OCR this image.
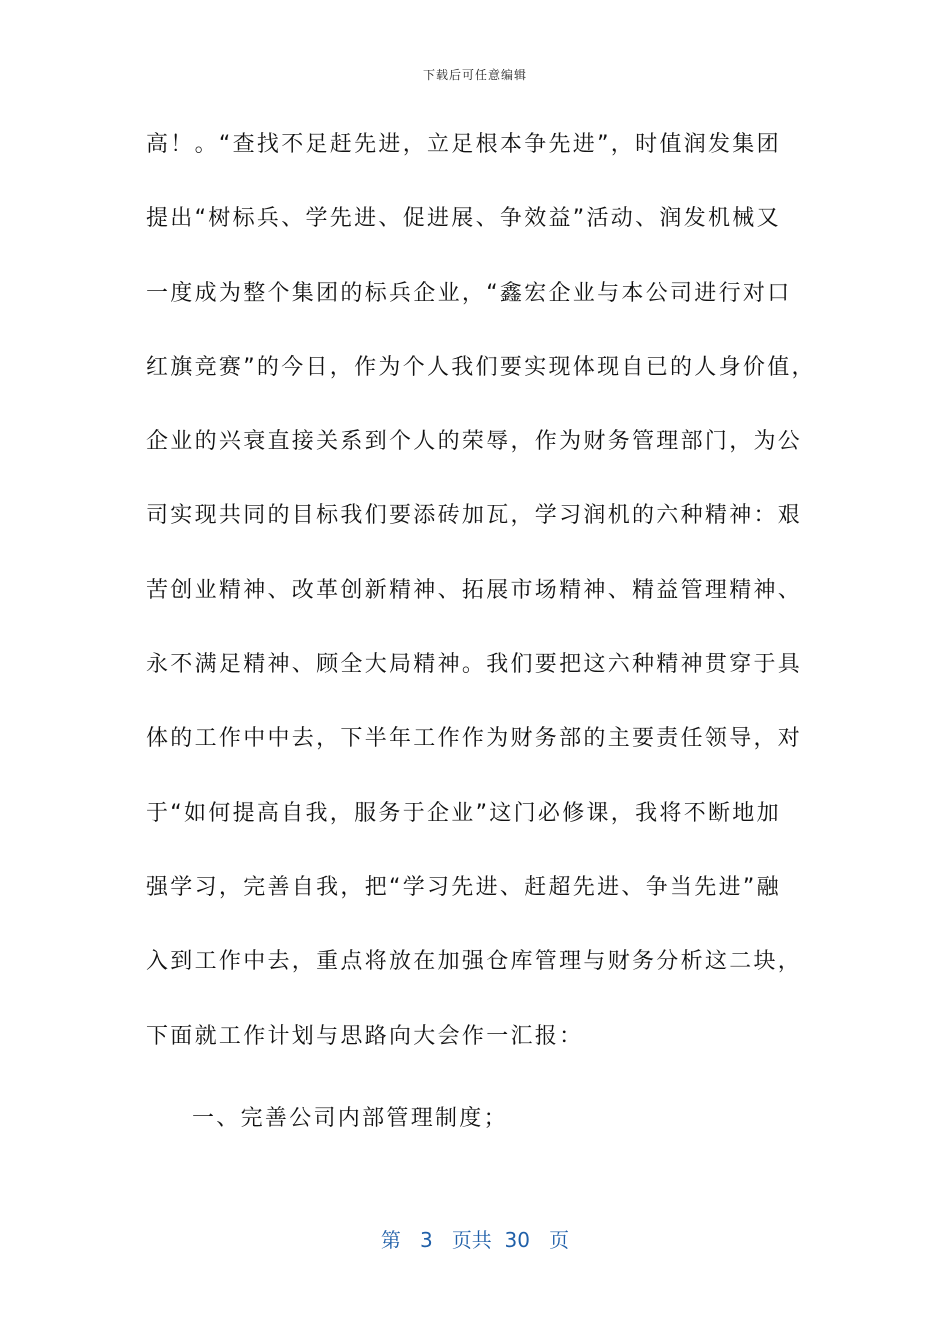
下载后可任意编辑
高！。“查找不足赶先进，立足根本争先进”，时值润发集团
提出“树标兵、学先进、促进展、争效益”活动、润发机械又
一度成为整个集团的标兵企业，“鑫宏企业与本公司进行对口
红旗竞赛”的今日，作为个人我们要实现体现自已的人身价值，
企业的兴衰直接关系到个人的荣辱，作为财务管理部门，为公
司实现共同的目标我们要添砖加瓦，学习润机的六种精神：艰
苦创业精神、改革创新精神、拓展市场精神、精益管理精神、
永不满足精神、顾全大局精神。我们要把这六种精神贯穿于具
体的工作中中去，下半年工作作为财务部的主要责任领导，对
于“如何提高自我，服务于企业”这门必修课，我将不断地加
强学习，完善自我，把“学习先进、赶超先进、争当先进”融
入到工作中去，重点将放在加强仓库管理与财务分析这二块，
下面就工作计划与思路向大会作一汇报：
一、完善公司内部管理制度；
第 3 页共 30 页
